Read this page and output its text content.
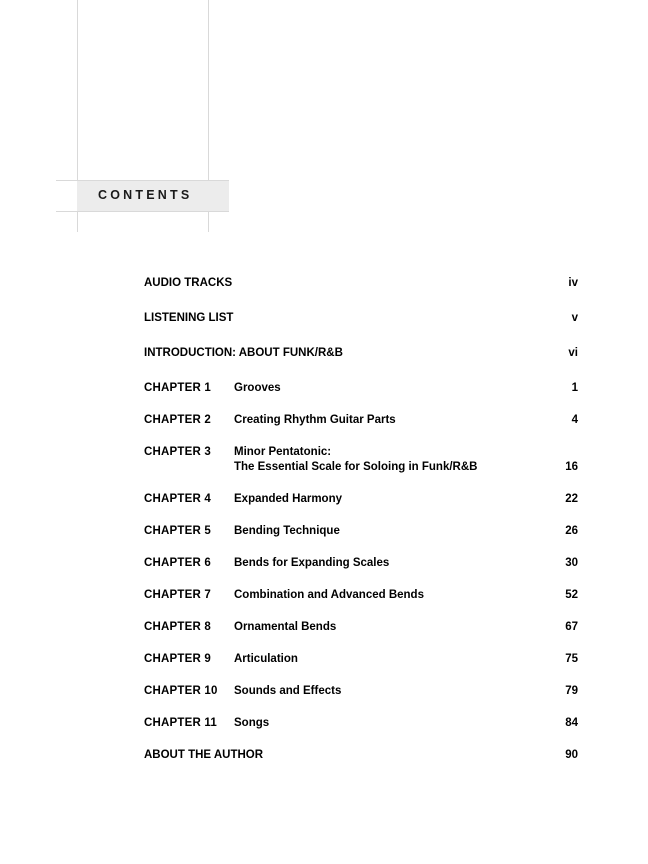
CONTENTS
AUDIO TRACKS	iv
LISTENING LIST	v
INTRODUCTION: ABOUT FUNK/R&B	vi
CHAPTER 1	Grooves	1
CHAPTER 2	Creating Rhythm Guitar Parts	4
CHAPTER 3	Minor Pentatonic:
The Essential Scale for Soloing in Funk/R&B	16
CHAPTER 4	Expanded Harmony	22
CHAPTER 5	Bending Technique	26
CHAPTER 6	Bends for Expanding Scales	30
CHAPTER 7	Combination and Advanced Bends	52
CHAPTER 8	Ornamental Bends	67
CHAPTER 9	Articulation	75
CHAPTER 10	Sounds and Effects	79
CHAPTER 11	Songs	84
ABOUT THE AUTHOR	90
